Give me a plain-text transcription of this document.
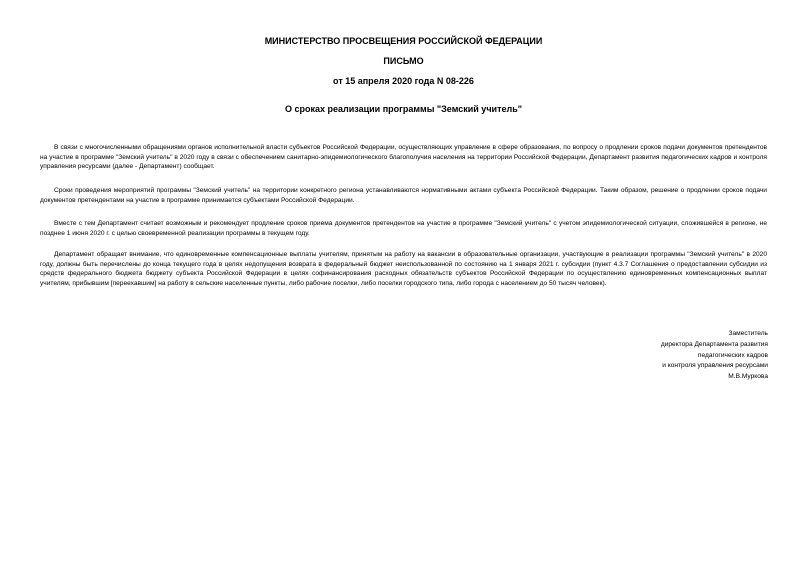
МИНИСТЕРСТВО ПРОСВЕЩЕНИЯ РОССИЙСКОЙ ФЕДЕРАЦИИ

ПИСЬМО

от 15 апреля 2020 года N 08-226

О сроках реализации программы "Земский учитель"

В связи с многочисленными обращениями органов исполнительной власти субъектов Российской Федерации, осуществляющих управление в сфере образования, по вопросу о продлении сроков подачи документов претендентов на участие в программе "Земский учитель" в 2020 году в связи с обеспечением санитарно-эпидемиологического благополучия населения на территории Российской Федерации, Департамент развития педагогических кадров и контроля управления ресурсами (далее - Департамент) сообщает.

Сроки проведения мероприятий программы "Земский учитель" на территории конкретного региона устанавливаются нормативными актами субъекта Российской Федерации. Таким образом, решение о продлении сроков подачи документов претендентами на участие в программе принимается субъектами Российской Федерации.

Вместе с тем Департамент считает возможным и рекомендует продление сроков приема документов претендентов на участие в программе "Земский учитель" с учетом эпидемиологической ситуации, сложившейся в регионе, не позднее 1 июня 2020 г. с целью своевременной реализации программы в текущем году.

Департамент обращает внимание, что единовременные компенсационные выплаты учителям, принятым на работу на вакансии в образовательные организации, участвующие в реализации программы "Земский учитель" в 2020 году, должны быть перечислены до конца текущего года в целях недопущения возврата в федеральный бюджет неиспользованной по состоянию на 1 января 2021 г. субсидии (пункт 4.3.7 Соглашения о предоставлении субсидии из средств федерального бюджета бюджету субъекта Российской Федерации в целях софинансирования расходных обязательств субъектов Российской Федерации по осуществлению единовременных компенсационных выплат учителям, прибывшим [переехавшим] на работу в сельские населенные пункты, либо рабочие поселки, либо поселки городского типа, либо города с населением до 50 тысяч человек).

Заместитель
директора Департамента развития
педагогических кадров
и контроля управления ресурсами
М.В.Муркова
